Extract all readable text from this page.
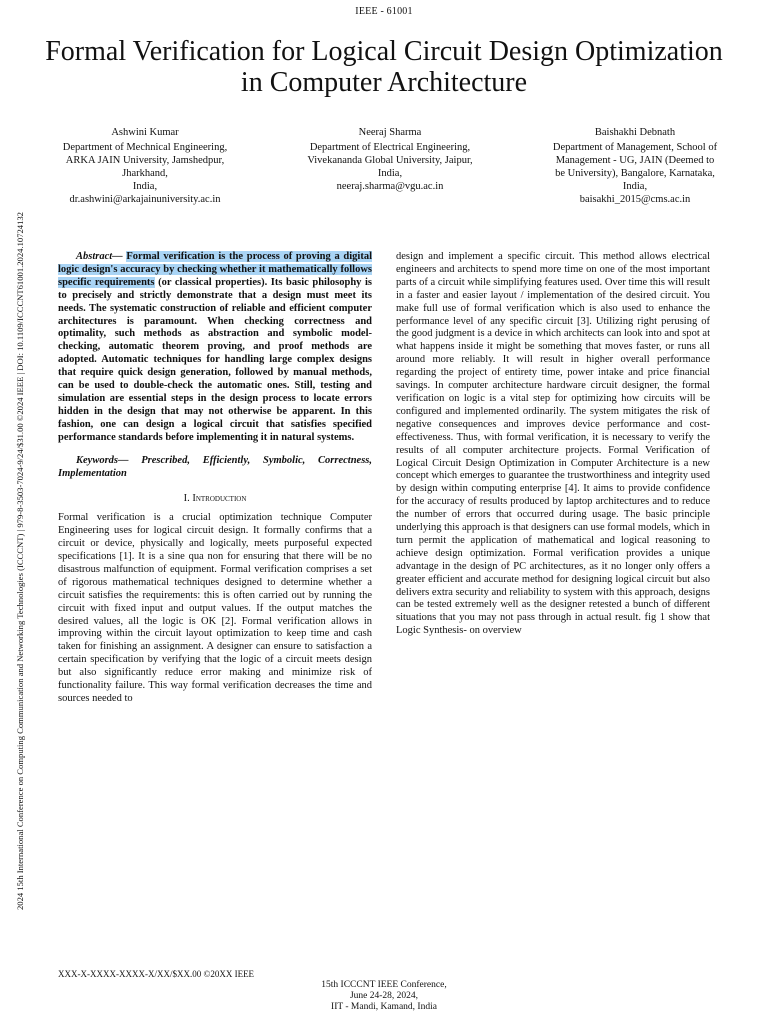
IEEE - 61001
Formal Verification for Logical Circuit Design Optimization in Computer Architecture
2024 15th International Conference on Computing Communication and Networking Technologies (ICCCNT) | 979-8-3503-7024-9/24/$31.00 ©2024 IEEE | DOI: 10.1109/ICCCNT61001.2024.10724132
Ashwini Kumar
Department of Mechnical Engineering,
ARKA JAIN University, Jamshedpur,
Jharkhand,
India,
dr.ashwini@arkajainuniversity.ac.in
Neeraj Sharma
Department of Electrical Engineering,
Vivekananda Global University, Jaipur,
India,
neeraj.sharma@vgu.ac.in
Baishakhi Debnath
Department of Management, School of
Management - UG, JAIN (Deemed to
be University), Bangalore, Karnataka,
India,
baisakhi_2015@cms.ac.in

Abstract— Formal verification is the process of proving a digital logic design's accuracy by checking whether it mathematically follows specific requirements (or classical properties). Its basic philosophy is to precisely and strictly demonstrate that a design must meet its needs. The systematic construction of reliable and efficient computer architectures is paramount. When checking correctness and optimality, such methods as abstraction and symbolic model-checking, automatic theorem proving, and proof methods are adopted. Automatic techniques for handling large complex designs that require quick design generation, followed by manual methods, can be used to double-check the automatic ones. Still, testing and simulation are essential steps in the design process to locate errors hidden in the design that may not otherwise be apparent. In this fashion, one can design a logical circuit that satisfies specified performance standards before implementing it in natural systems.

Keywords— Prescribed, Efficiently, Symbolic, Correctness, Implementation

I. Introduction

Formal verification is a crucial optimization technique Computer Engineering uses for logical circuit design. It formally confirms that a circuit or device, physically and logically, meets purposeful expected specifications [1]. It is a sine qua non for ensuring that there will be no disastrous malfunction of equipment. Formal verification comprises a set of rigorous mathematical techniques designed to determine whether a circuit satisfies the requirements: this is often carried out by running the circuit with fixed input and output values. If the output matches the desired values, all the logic is OK [2]. Formal verification allows in improving within the circuit layout optimization to keep time and cash taken for finishing an assignment. A designer can ensure to satisfaction a certain specification by verifying that the logic of a circuit meets design but also significantly reduce error making and minimize risk of functionality failure. This way formal verification decreases the time and sources needed to

design and implement a specific circuit. This method allows electrical engineers and architects to spend more time on one of the most important parts of a circuit while simplifying features used. Over time this will result in a faster and easier layout / implementation of the desired circuit. You make full use of formal verification which is also used to enhance the performance level of any specific circuit [3]. Utilizing right perusing of the good judgment is a device in which architects can look into and spot at what happens inside it might be something that moves faster, or runs all around more reliably. It will result in higher overall performance regarding the project of entirety time, power intake and price financial savings. In computer architecture hardware circuit designer, the formal verification on logic is a vital step for optimizing how circuits will be configured and implemented ordinarily. The system mitigates the risk of negative consequences and improves device performance and cost-effectiveness. Thus, with formal verification, it is necessary to verify the results of all computer architecture projects. Formal Verification of Logical Circuit Design Optimization in Computer Architecture is a new concept which emerges to guarantee the trustworthiness and integrity used by design within computing enterprise [4]. It aims to provide confidence for the accuracy of results produced by laptop architectures and to reduce the number of errors that occurred during usage. The basic principle underlying this approach is that designers can use formal models, which in turn permit the application of mathematical and logical reasoning to achieve design optimization. Formal verification provides a unique advantage in the design of PC architectures, as it no longer only offers a greater efficient and accurate method for designing logical circuit but also delivers extra security and reliability to system with this approach, designs can be tested extremely well as the designer retested a bunch of different situations that you may not pass through in actual result. fig 1 show that Logic Synthesis- on overview

XXX-X-XXXX-XXXX-X/XX/$XX.00 ©20XX IEEE
15th ICCCNT IEEE Conference,
June 24-28, 2024,
IIT - Mandi, Kamand, India
